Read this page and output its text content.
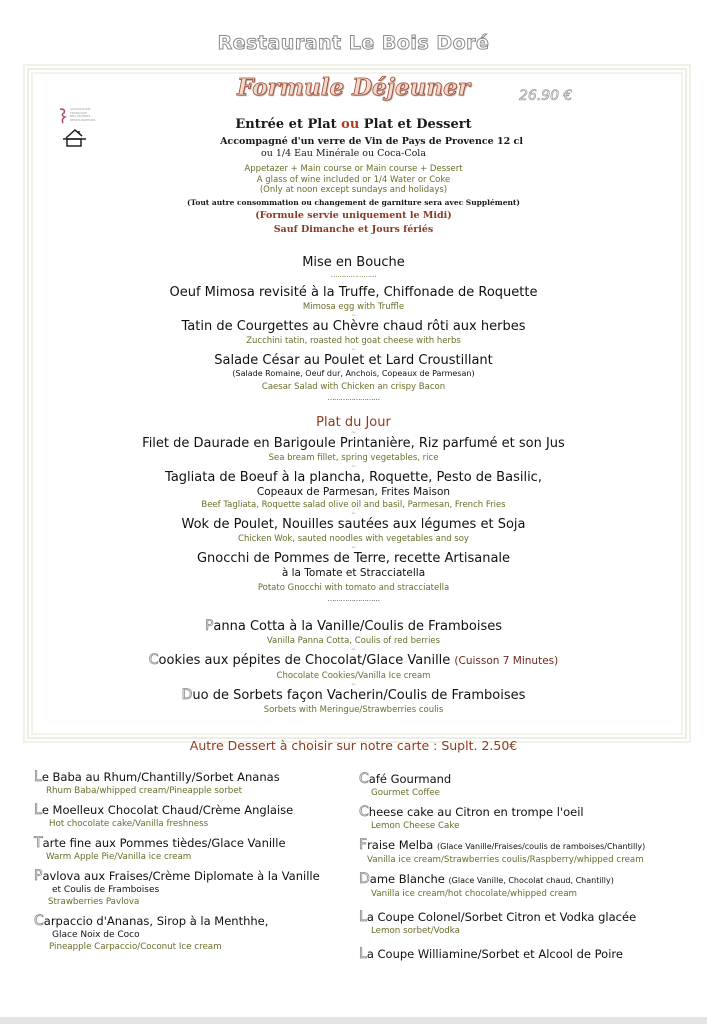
Restaurant Le Bois Doré
Formule Déjeuner	26.90 €
ASSOCIATION
FRANÇAISE
DES MAÎTRES
RESTAURATEURS	Entrée et Plat ou Plat et Dessert
Accompagné d'un verre de Vin de Pays de Provence 12 cl
ou 1/4 Eau Minérale ou Coca-Cola
Appetazer + Main course or Main course + Dessert
A glass of wine included or 1/4 Water or Coke
(Only at noon except sundays and holidays)
(Tout autre consommation ou changement de garniture sera avec Supplément)
(Formule servie uniquement le Midi)
Sauf Dimanche et Jours fériés
Mise en Bouche
…………………
Oeuf Mimosa revisité à la Truffe, Chiffonade de Roquette
Mimosa egg with Truffle
ou
Tatin de Courgettes au Chèvre chaud rôti aux herbes
Zucchini tatin, roasted hot goat cheese with herbs
ou
Salade César au Poulet et Lard Croustillant
(Salade Romaine, Oeuf dur, Anchois, Copeaux de Parmesan)
Caesar Salad with Chicken an crispy Bacon
……………………
Plat du Jour
ou
Filet de Daurade en Barigoule Printanière, Riz parfumé et son Jus
Sea bream fillet, spring vegetables, rice
ou
Tagliata de Boeuf à la plancha, Roquette, Pesto de Basilic,
Copeaux de Parmesan, Frites Maison
Beef Tagliata, Roquette salad olive oil and basil, Parmesan, French Fries
ou
Wok de Poulet, Nouilles sautées aux légumes et Soja
Chicken Wok, sauted noodles with vegetables and soy
ou
Gnocchi de Pommes de Terre, recette Artisanale
à la Tomate et Stracciatella
Potato Gnocchi with tomato and stracciatella
……………………
Panna Cotta à la Vanille/Coulis de Framboises
Vanilla Panna Cotta, Coulis of red berries
ou
Cookies aux pépites de Chocolat/Glace Vanille (Cuisson 7 Minutes)
Chocolate Cookies/Vanilla Ice cream
ou
Duo de Sorbets façon Vacherin/Coulis de Framboises
Sorbets with Meringue/Strawberries coulis
Autre Dessert à choisir sur notre carte : Suplt. 2.50€
Le Baba au Rhum/Chantilly/Sorbet Ananas
Rhum Baba/whipped cream/Pineapple sorbet
Le Moelleux Chocolat Chaud/Crème Anglaise
Hot chocolate cake/Vanilla freshness
Tarte fine aux Pommes tièdes/Glace Vanille
Warm Apple Pie/Vanilla ice cream
Pavlova aux Fraises/Crème Diplomate à la Vanille
et Coulis de Framboises
Strawberries Pavlova
Carpaccio d'Ananas, Sirop à la Menthhe,
Glace Noix de Coco
Pineapple Carpaccio/Coconut Ice cream
Café Gourmand
Gourmet Coffee
Cheese cake au Citron en trompe l'oeil
Lemon Cheese Cake
Fraise Melba (Glace Vanille/Fraises/coulis de ramboises/Chantilly)
Vanilla ice cream/Strawberries coulis/Raspberry/whipped cream
Dame Blanche (Glace Vanille, Chocolat chaud, Chantilly)
Vanilla ice cream/hot chocolate/whipped cream
La Coupe Colonel/Sorbet Citron et Vodka glacée
Lemon sorbet/Vodka
La Coupe Williamine/Sorbet et Alcool de Poire
